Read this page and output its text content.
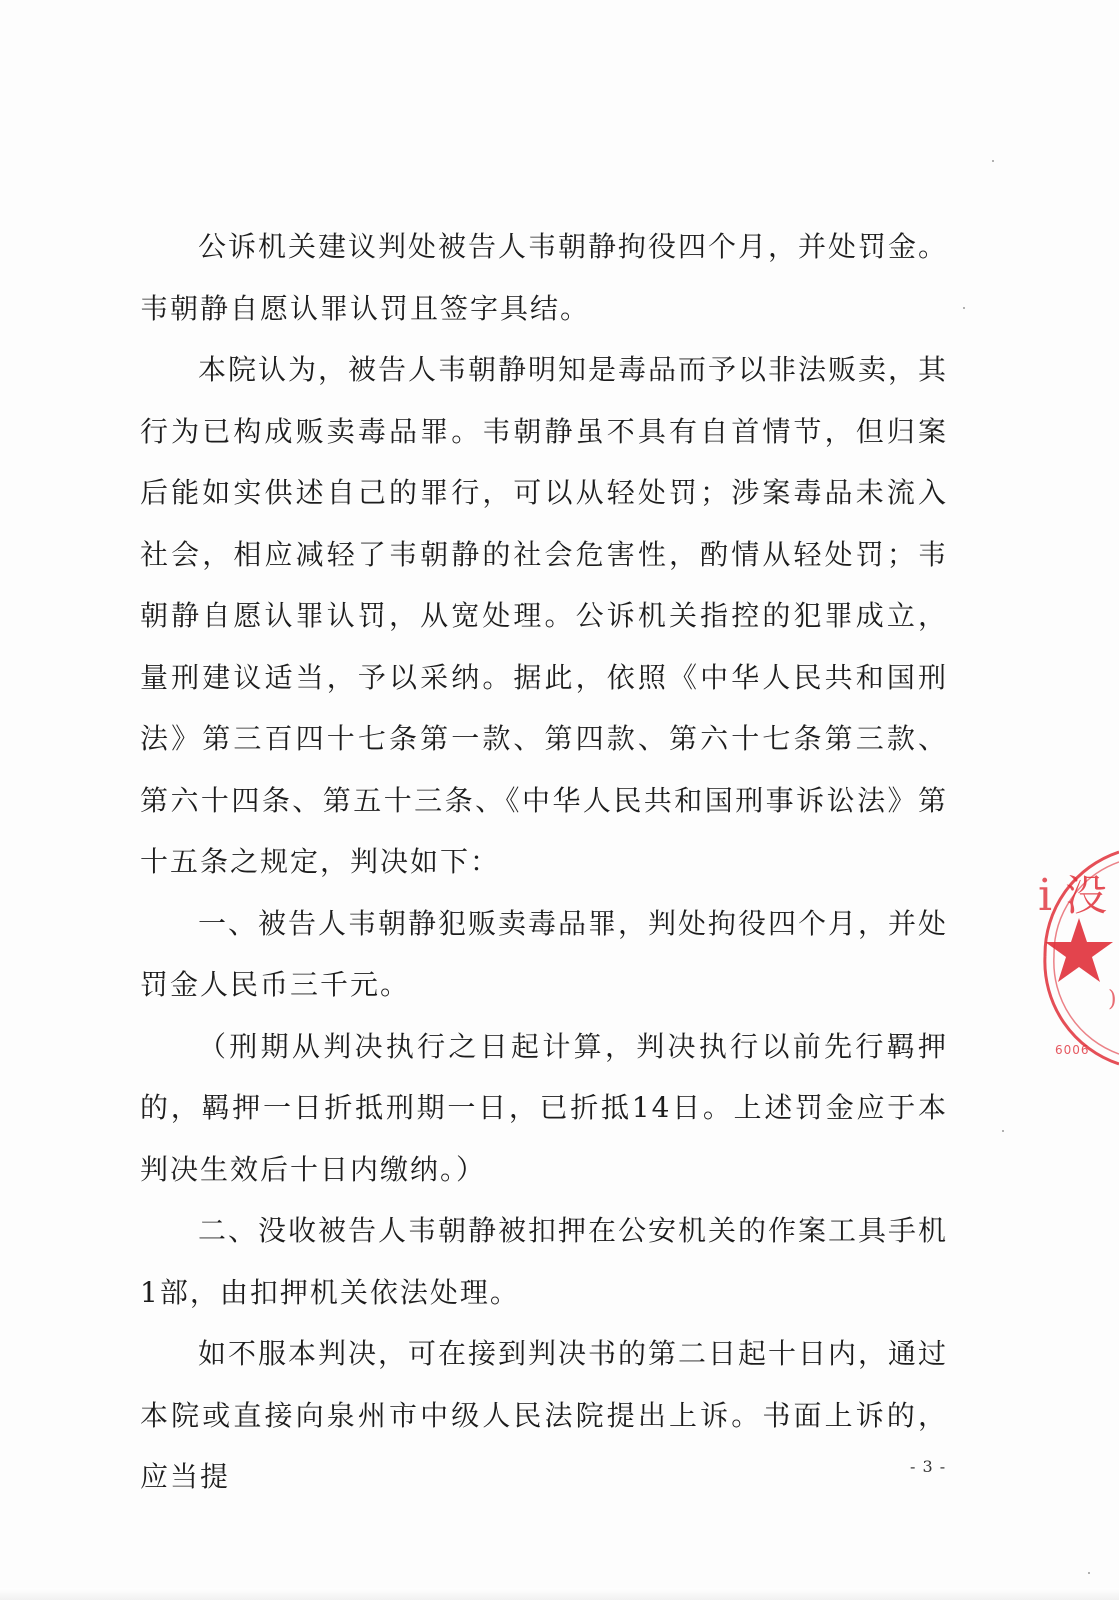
公诉机关建议判处被告人韦朝静拘役四个月，并处罚金。韦朝静自愿认罪认罚且签字具结。

本院认为，被告人韦朝静明知是毒品而予以非法贩卖，其行为已构成贩卖毒品罪。韦朝静虽不具有自首情节，但归案后能如实供述自己的罪行，可以从轻处罚；涉案毒品未流入社会，相应减轻了韦朝静的社会危害性，酌情从轻处罚；韦朝静自愿认罪认罚，从宽处理。公诉机关指控的犯罪成立，量刑建议适当，予以采纳。据此，依照《中华人民共和国刑法》第三百四十七条第一款、第四款、第六十七条第三款、第六十四条、第五十三条、《中华人民共和国刑事诉讼法》第十五条之规定，判决如下：

一、被告人韦朝静犯贩卖毒品罪，判处拘役四个月，并处罚金人民币三千元。

（刑期从判决执行之日起计算，判决执行以前先行羁押的，羁押一日折抵刑期一日，已折抵14日。上述罚金应于本判决生效后十日内缴纳。）

二、没收被告人韦朝静被扣押在公安机关的作案工具手机1部，由扣押机关依法处理。

如不服本判决，可在接到判决书的第二日起十日内，通过本院或直接向泉州市中级人民法院提出上诉。书面上诉的，应当提	- 3 -
i 没
)
6006
